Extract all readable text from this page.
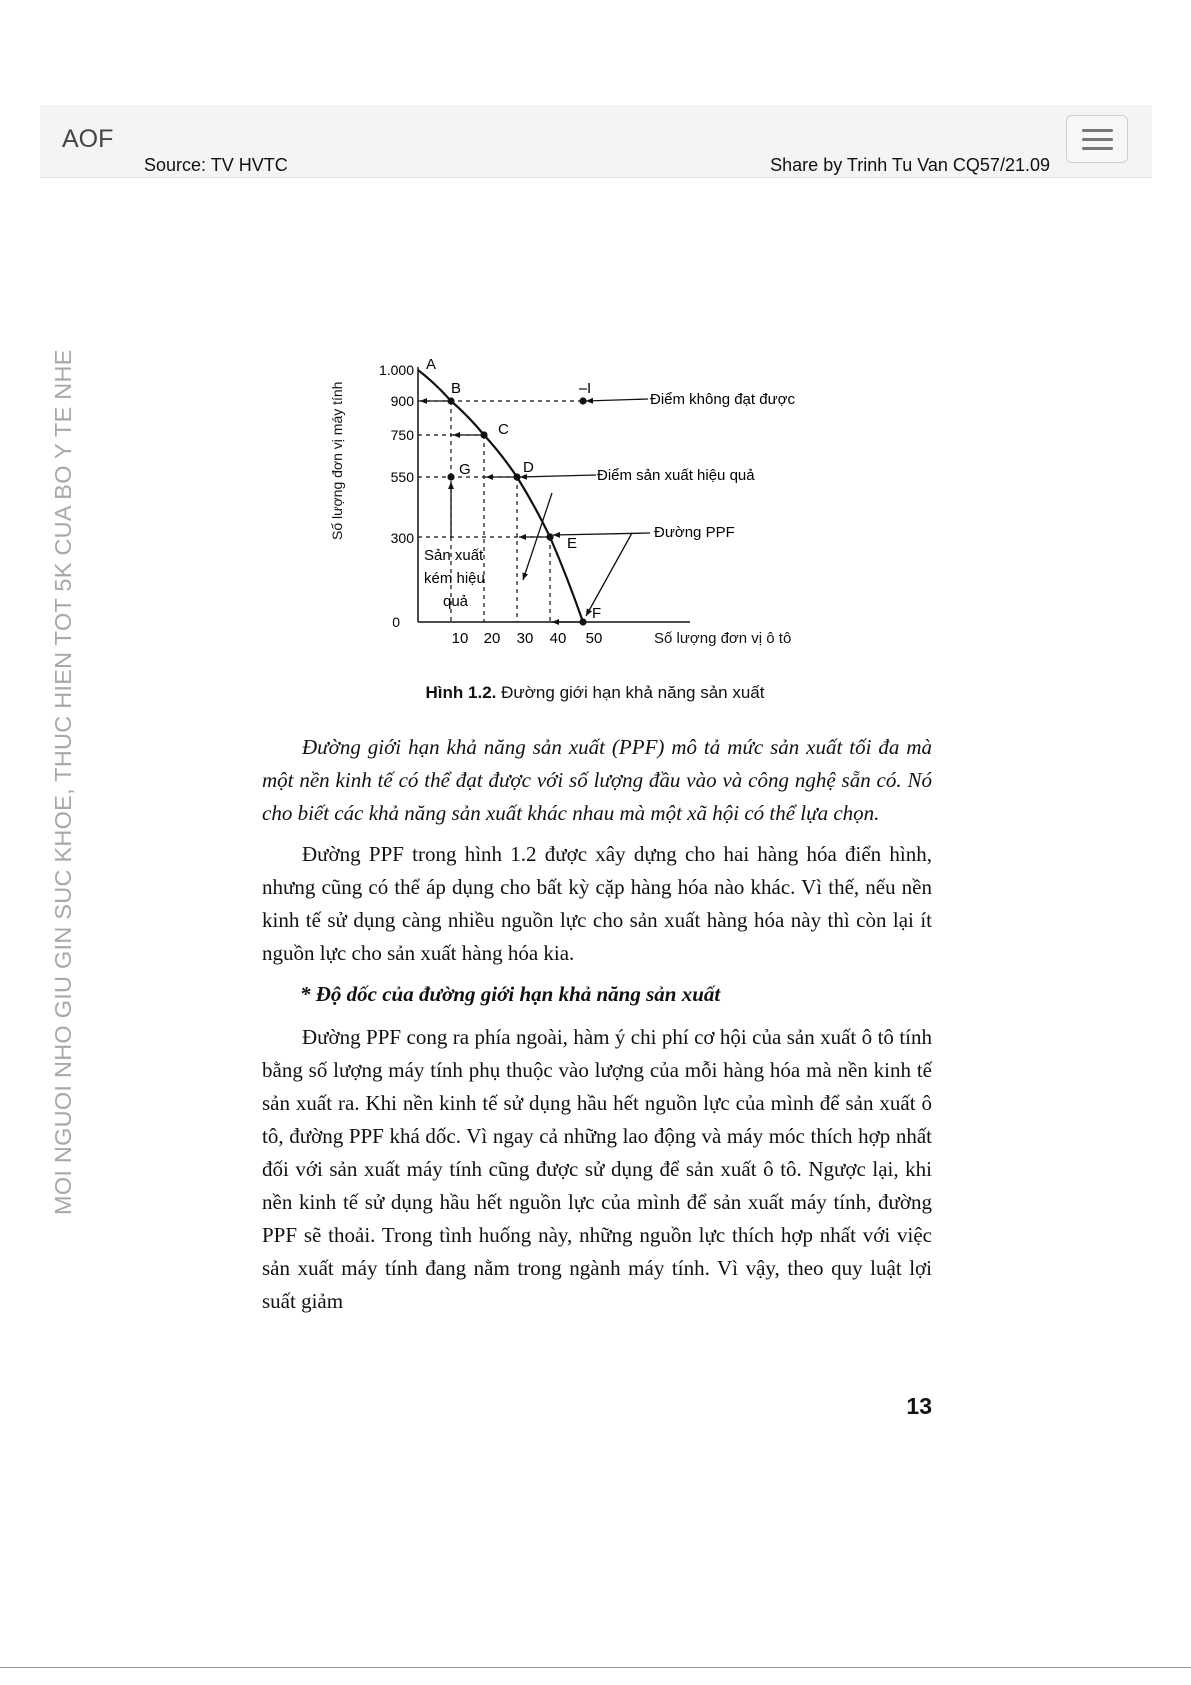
AOF
Source: TV HVTC	Share by Trinh Tu Van CQ57/21.09
MOI NGUOI NHO GIU GIN SUC KHOE, THUC HIEN TOT 5K CUA BO Y TE NHE	Số lượng đơn vị máy tính
Số lượng đơn vị ô tô
1.000
900
750
550
300
0
10 20 30 40 50
A
B
C
D
E
F
G
I
Điểm không đạt được
Điểm sản xuất hiệu quả
Đường PPF
Sản xuất
kém hiệu
quả
Hình 1.2. Đường giới hạn khả năng sản xuất

Đường giới hạn khả năng sản xuất (PPF) mô tả mức sản xuất tối đa mà một nền kinh tế có thể đạt được với số lượng đầu vào và công nghệ sẵn có. Nó cho biết các khả năng sản xuất khác nhau mà một xã hội có thể lựa chọn.

Đường PPF trong hình 1.2 được xây dựng cho hai hàng hóa điển hình, nhưng cũng có thể áp dụng cho bất kỳ cặp hàng hóa nào khác. Vì thế, nếu nền kinh tế sử dụng càng nhiều nguồn lực cho sản xuất hàng hóa này thì còn lại ít nguồn lực cho sản xuất hàng hóa kia.

* Độ dốc của đường giới hạn khả năng sản xuất

Đường PPF cong ra phía ngoài, hàm ý chi phí cơ hội của sản xuất ô tô tính bằng số lượng máy tính phụ thuộc vào lượng của mỗi hàng hóa mà nền kinh tế sản xuất ra. Khi nền kinh tế sử dụng hầu hết nguồn lực của mình để sản xuất ô tô, đường PPF khá dốc. Vì ngay cả những lao động và máy móc thích hợp nhất đối với sản xuất máy tính cũng được sử dụng để sản xuất ô tô. Ngược lại, khi nền kinh tế sử dụng hầu hết nguồn lực của mình để sản xuất máy tính, đường PPF sẽ thoải. Trong tình huống này, những nguồn lực thích hợp nhất với việc sản xuất máy tính đang nằm trong ngành máy tính. Vì vậy, theo quy luật lợi suất giảm

13
